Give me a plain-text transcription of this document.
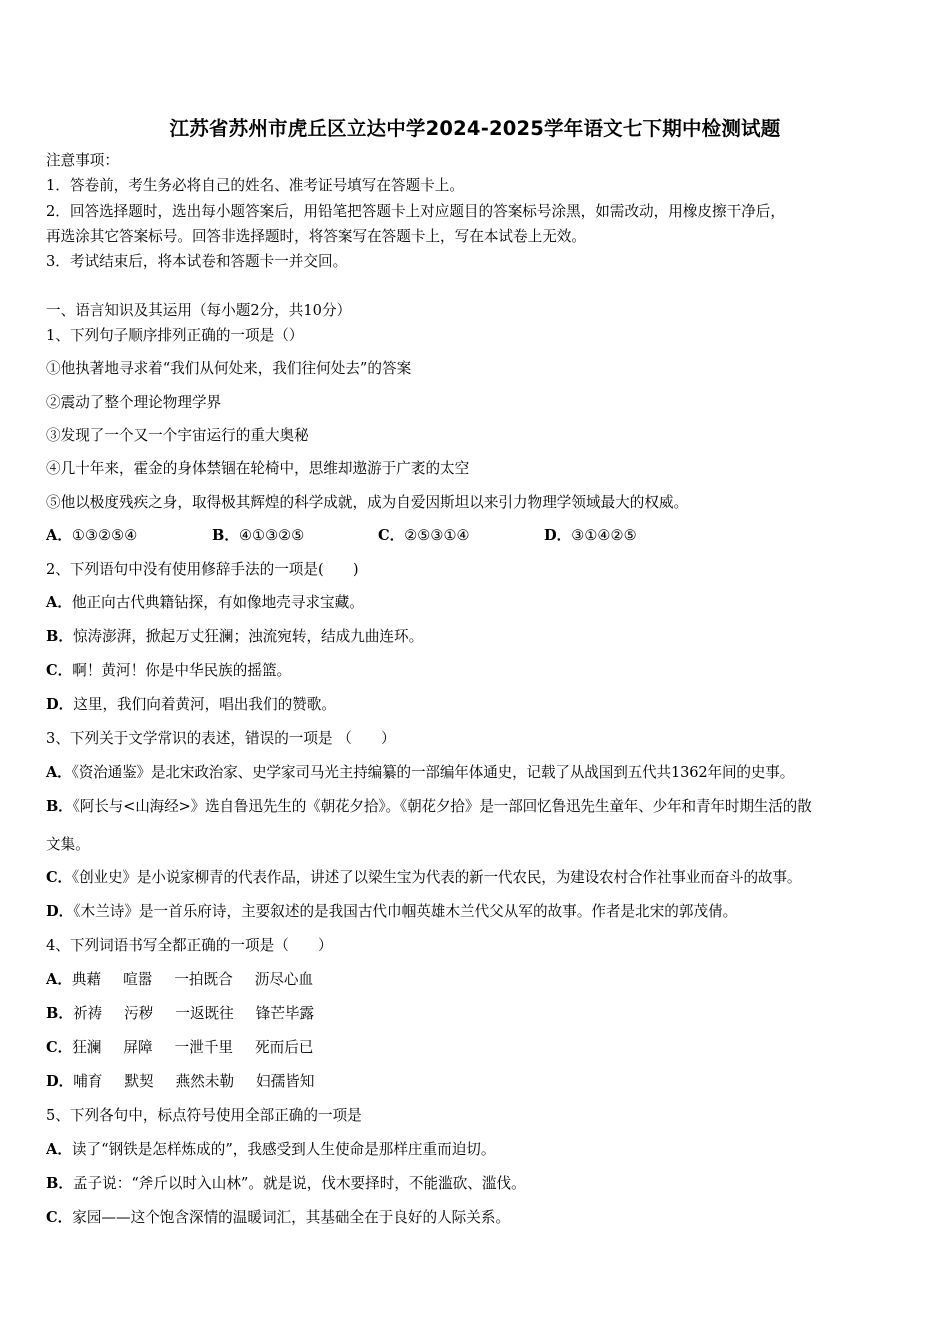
江苏省苏州市虎丘区立达中学2024-2025学年语文七下期中检测试题
注意事项：
1．答卷前，考生务必将自己的姓名、准考证号填写在答题卡上。
2．回答选择题时，选出每小题答案后，用铅笔把答题卡上对应题目的答案标号涂黑，如需改动，用橡皮擦干净后，
再选涂其它答案标号。回答非选择题时，将答案写在答题卡上，写在本试卷上无效。
3．考试结束后，将本试卷和答题卡一并交回。
一、语言知识及其运用（每小题2分，共10分）
1、下列句子顺序排列正确的一项是（）
①他执著地寻求着“我们从何处来，我们往何处去”的答案
②震动了整个理论物理学界
③发现了一个又一个宇宙运行的重大奥秘
④几十年来，霍金的身体禁锢在轮椅中，思维却遨游于广袤的太空
⑤他以极度残疾之身，取得极其辉煌的科学成就，成为自爱因斯坦以来引力物理学领域最大的权威。
A．①③②⑤④	B．④①③②⑤	C．②⑤③①④	D．③①④②⑤
2、下列语句中没有使用修辞手法的一项是(　　)
A．他正向古代典籍钻探，有如像地壳寻求宝藏。
B．惊涛澎湃，掀起万丈狂澜；浊流宛转，结成九曲连环。
C．啊！黄河！你是中华民族的摇篮。
D．这里，我们向着黄河，唱出我们的赞歌。
3、下列关于文学常识的表述，错误的一项是 （　　）
A．《资治通鉴》是北宋政治家、史学家司马光主持编纂的一部编年体通史，记载了从战国到五代共1362年间的史事。
B．《阿长与<山海经>》选自鲁迅先生的《朝花夕拾》。《朝花夕拾》是一部回忆鲁迅先生童年、少年和青年时期生活的散
文集。
C．《创业史》是小说家柳青的代表作品，讲述了以梁生宝为代表的新一代农民，为建设农村合作社事业而奋斗的故事。
D．《木兰诗》是一首乐府诗，主要叙述的是我国古代巾帼英雄木兰代父从军的故事。作者是北宋的郭茂倩。
4、下列词语书写全都正确的一项是（　　）
A．典藉 喧嚣 一拍既合 沥尽心血
B．祈祷 污秽 一返既往 锋芒毕露
C．狂澜 屏障 一泄千里 死而后已
D．哺育 默契 燕然未勒 妇孺皆知
5、下列各句中，标点符号使用全部正确的一项是
A．读了“钢铁是怎样炼成的”，我感受到人生使命是那样庄重而迫切。
B．孟子说：“斧斤以时入山林”。就是说，伐木要择时，不能滥砍、滥伐。
C．家园——这个饱含深情的温暖词汇，其基础全在于良好的人际关系。
